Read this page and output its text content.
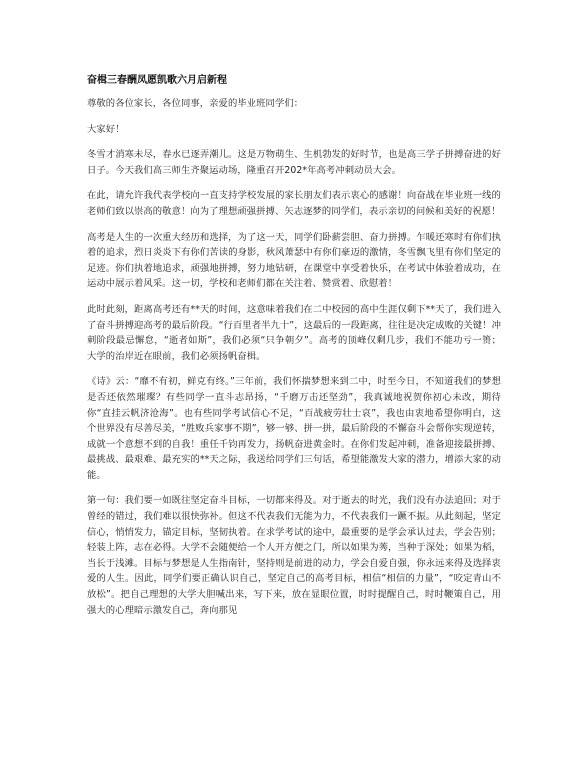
奋楫三春酬凤愿凯歌六月启新程

尊敬的各位家长，各位同事，亲爱的毕业班同学们：

大家好！

冬雪才消寒未尽，春水已逐弄潮儿。这是万物萌生、生机勃发的好时节，也是高三学子拼搏奋进的好日子。今天我们高三师生齐聚运动场，隆重召开202*年高考冲刺动员大会。

在此，请允许我代表学校向一直支持学校发展的家长朋友们表示衷心的感谢！向奋战在毕业班一线的老师们致以崇高的敬意！向为了理想顽强拼搏、矢志逐梦的同学们，表示亲切的问候和美好的祝愿！

高考是人生的一次重大经历和选择，为了这一天，同学们卧薪尝胆、奋力拼搏。乍暖还寒时有你们执着的追求，烈日炎炎下有你们苦读的身影，秋风萧瑟中有你们豪迈的激情，冬雪飘飞里有你们坚定的足迹。你们执着地追求，顽强地拼搏，努力地钻研，在课堂中享受着快乐，在考试中体验着成功，在运动中展示着风采。这一切，学校和老师们都在关注着、赞赏着、欣慰着！

此时此刻，距离高考还有**天的时间，这意味着我们在二中校园的高中生涯仅剩下**天了，我们进入了奋斗拼搏迎高考的最后阶段。“行百里者半九十”，这最后的一段距离，往往是决定成败的关键！冲刺阶段最忌懈怠，“逝者如斯”，我们必须“只争朝夕”。高考的顶峰仅剩几步，我们不能功亏一篑；大学的治岸近在眼前，我们必须扬帆奋楫。

《诗》云：“靡不有初，鲜克有终。”三年前，我们怀揣梦想来到二中，时至今日，不知道我们的梦想是否还依然璀璨？有些同学一直斗志昂扬，“千磨万击还坚劲”，我真诚地祝贺你初心未改，期待你“直挂云帆济沧海”。也有些同学考试信心不足，“百战疲劳壮士哀”，我也由衷地希望你明白，这个世界没有尽善尽美，“胜败兵家事不期”，够一够、拼一拼，最后阶段的不懈奋斗会帮你实现逆转，成就一个意想不到的自我！重任千钧再发力，扬帆奋进黄金时。在你们发起冲刺，准备迎接最拼搏、最挑战、最艰难、最充实的**天之际，我送给同学们三句话，希望能激发大家的潜力，增添大家的动能。

第一句：我们要一如既往坚定奋斗目标，一切都来得及。对于逝去的时光，我们没有办法追回；对于曾经的错过，我们难以很快弥补。但这不代表我们无能为力，不代表我们一蹶不振。从此刻起，坚定信心，悄悄发力，锚定目标，坚韧执着。在求学考试的途中，最重要的是学会承认过去，学会告别；轻装上阵，志在必得。大学不会随便给一个人开方便之门，所以如果为莠，当种于深处；如果为稻，当长于浅滩。目标与梦想是人生指南针，坚持则是前进的动力，学会自爱自强，你永远来得及选择衷爱的人生。因此，同学们要正确认识自己，坚定自己的高考目标，相信“相信的力量”，“咬定青山不放松”。把自己理想的大学大胆喊出来，写下来，放在显眼位置，时时提醒自己，时时鞭策自己，用强大的心理暗示激发自己，奔向那见
